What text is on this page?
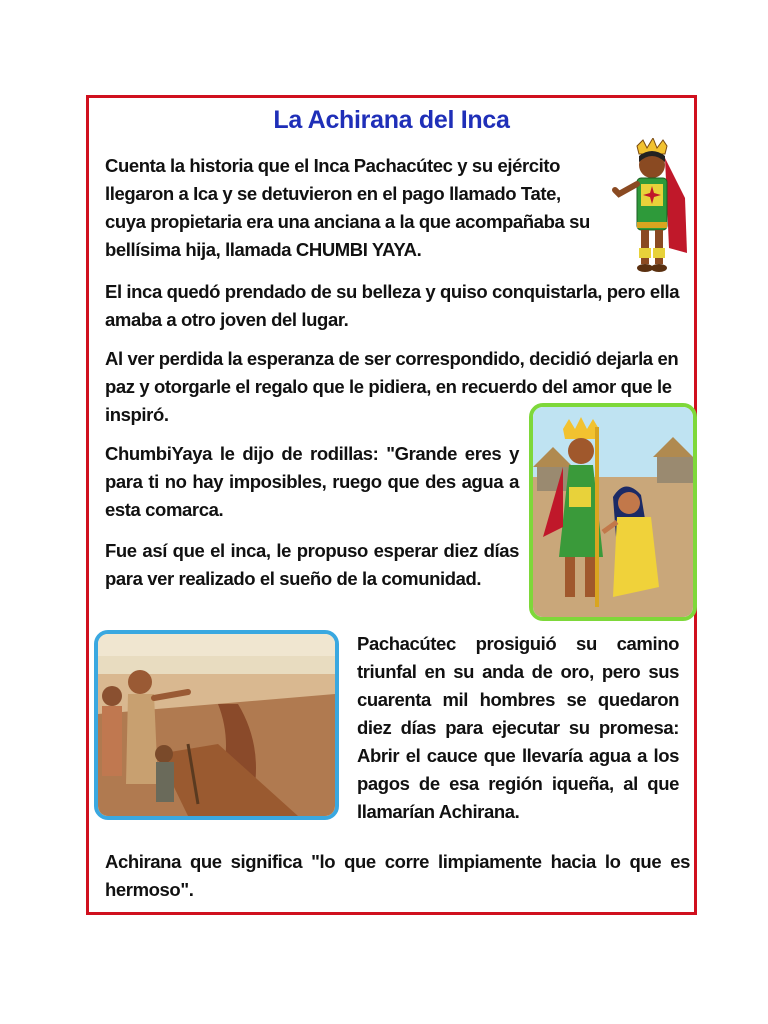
La Achirana del Inca

Cuenta la historia que el Inca Pachacútec y su ejército llegaron a Ica y se detuvieron en el pago llamado Tate, cuya propietaria era una anciana a la que acompañaba su bellísima hija, llamada CHUMBI YAYA.

El inca quedó prendado de su belleza y quiso conquistarla, pero ella amaba a otro joven del lugar.

Al ver perdida la esperanza de ser correspondido, decidió dejarla en paz y otorgarle el regalo que le pidiera, en recuerdo del amor que le inspiró.

ChumbiYaya le dijo de rodillas: "Grande eres y para ti no hay imposibles, ruego que des agua a esta comarca.

Fue así que el inca, le propuso esperar diez días para ver realizado el sueño de la comunidad.

Pachacútec prosiguió su camino triunfal en su anda de oro, pero sus cuarenta mil hombres se quedaron diez días para ejecutar su promesa: Abrir el cauce que llevaría agua a los pagos de esa región iqueña, al que llamarían Achirana.

Achirana que significa "lo que corre limpiamente hacia lo que es hermoso".
